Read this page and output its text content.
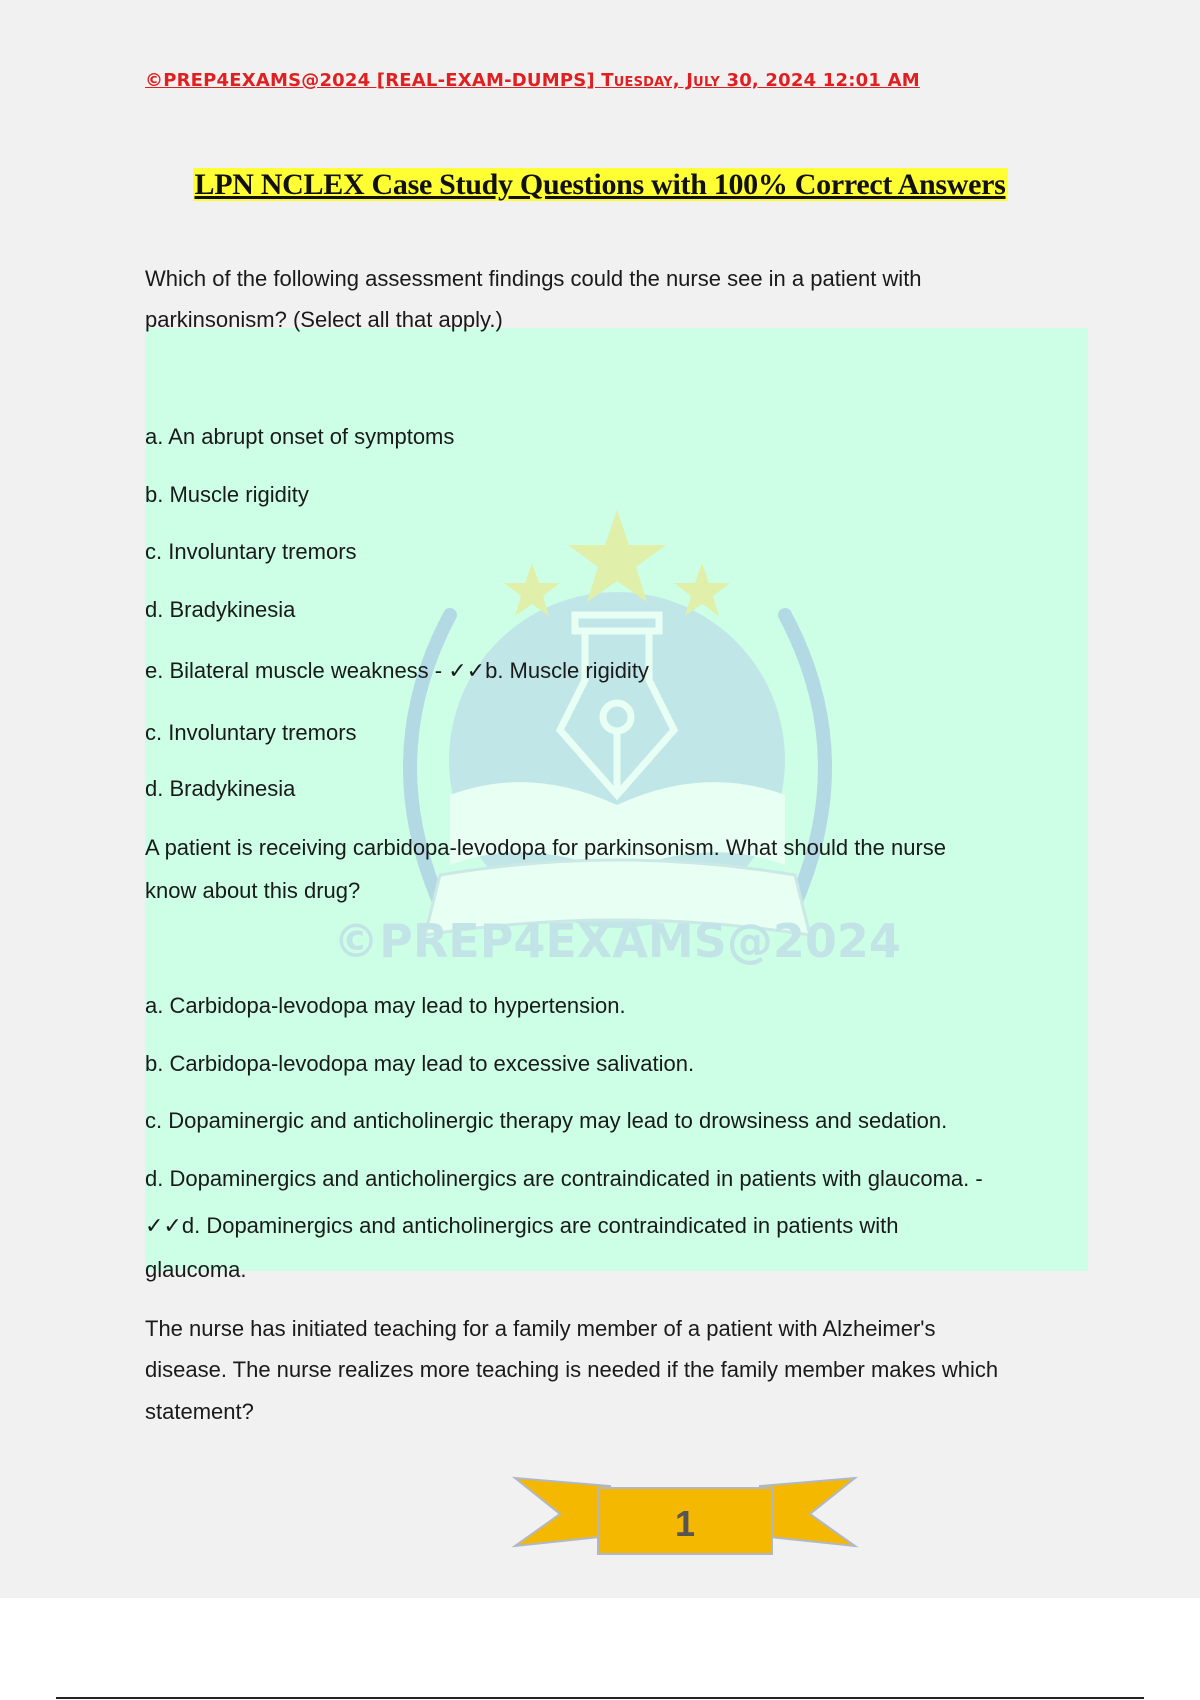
©PREP4EXAMS@2024 [REAL-EXAM-DUMPS] Tuesday, July 30, 2024 12:01 AM
LPN NCLEX Case Study Questions with 100% Correct Answers
©PREP4EXAMS@2024
Which of the following assessment findings could the nurse see in a patient with
parkinsonism? (Select all that apply.)
a. An abrupt onset of symptoms
b. Muscle rigidity
c. Involuntary tremors
d. Bradykinesia
e. Bilateral muscle weakness - ✓✓b. Muscle rigidity
c. Involuntary tremors
d. Bradykinesia
A patient is receiving carbidopa-levodopa for parkinsonism. What should the nurse
know about this drug?
a. Carbidopa-levodopa may lead to hypertension.
b. Carbidopa-levodopa may lead to excessive salivation.
c. Dopaminergic and anticholinergic therapy may lead to drowsiness and sedation.
d. Dopaminergics and anticholinergics are contraindicated in patients with glaucoma. -
✓✓d. Dopaminergics and anticholinergics are contraindicated in patients with
glaucoma.
The nurse has initiated teaching for a family member of a patient with Alzheimer's
disease. The nurse realizes more teaching is needed if the family member makes which
statement?
1
